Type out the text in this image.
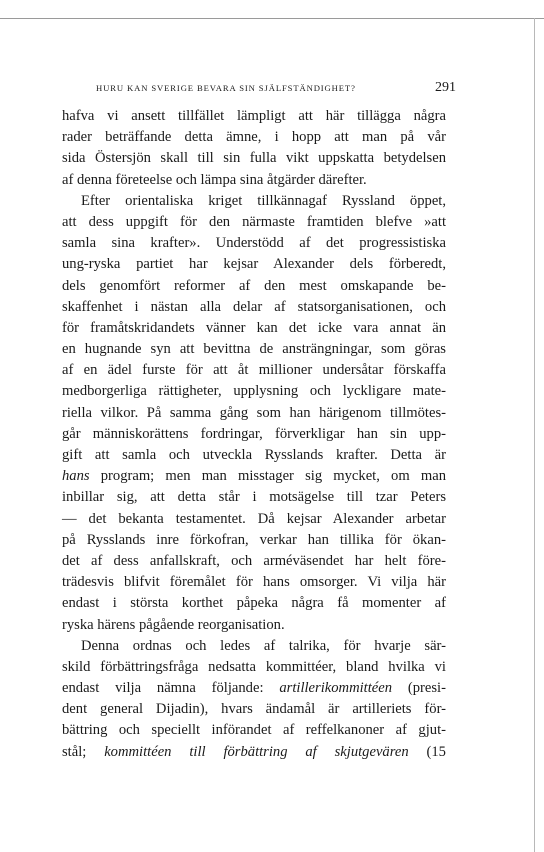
HURU KAN SVERIGE BEVARA SIN SJÄLFSTÄNDIGHET?	291
hafva vi ansett tillfället lämpligt att här tillägga några
rader beträffande detta ämne, i hopp att man på vår
sida Östersjön skall till sin fulla vikt uppskatta betydelsen
af denna företeelse och lämpa sina åtgärder därefter.
Efter orientaliska kriget tillkännagaf Ryssland öppet,
att dess uppgift för den närmaste framtiden blefve »att
samla sina krafter». Understödd af det progressistiska
ung-ryska partiet har kejsar Alexander dels förberedt,
dels genomfört reformer af den mest omskapande be-
skaffenhet i nästan alla delar af statsorganisationen, och
för framåtskridandets vänner kan det icke vara annat än
en hugnande syn att bevittna de ansträngningar, som göras
af en ädel furste för att åt millioner undersåtar förskaffa
medborgerliga rättigheter, upplysning och lyckligare mate-
riella vilkor. På samma gång som han härigenom tillmötes-
går människorättens fordringar, förverkligar han sin upp-
gift att samla och utveckla Rysslands krafter. Detta är
hans program; men man misstager sig mycket, om man
inbillar sig, att detta står i motsägelse till tzar Peters
— det bekanta testamentet. Då kejsar Alexander arbetar
på Rysslands inre förkofran, verkar han tillika för ökan-
det af dess anfallskraft, och arméväsendet har helt före-
trädesvis blifvit föremålet för hans omsorger. Vi vilja här
endast i största korthet påpeka några få momenter af
ryska härens pågående reorganisation.
Denna ordnas och ledes af talrika, för hvarje sär-
skild förbättringsfråga nedsatta kommittéer, bland hvilka vi
endast vilja nämna följande: artillerikommittéen (presi-
dent general Dijadin), hvars ändamål är artilleriets för-
bättring och speciellt införandet af reffelkanoner af gjut-
stål; kommittéen till förbättring af skjutgevären (15
